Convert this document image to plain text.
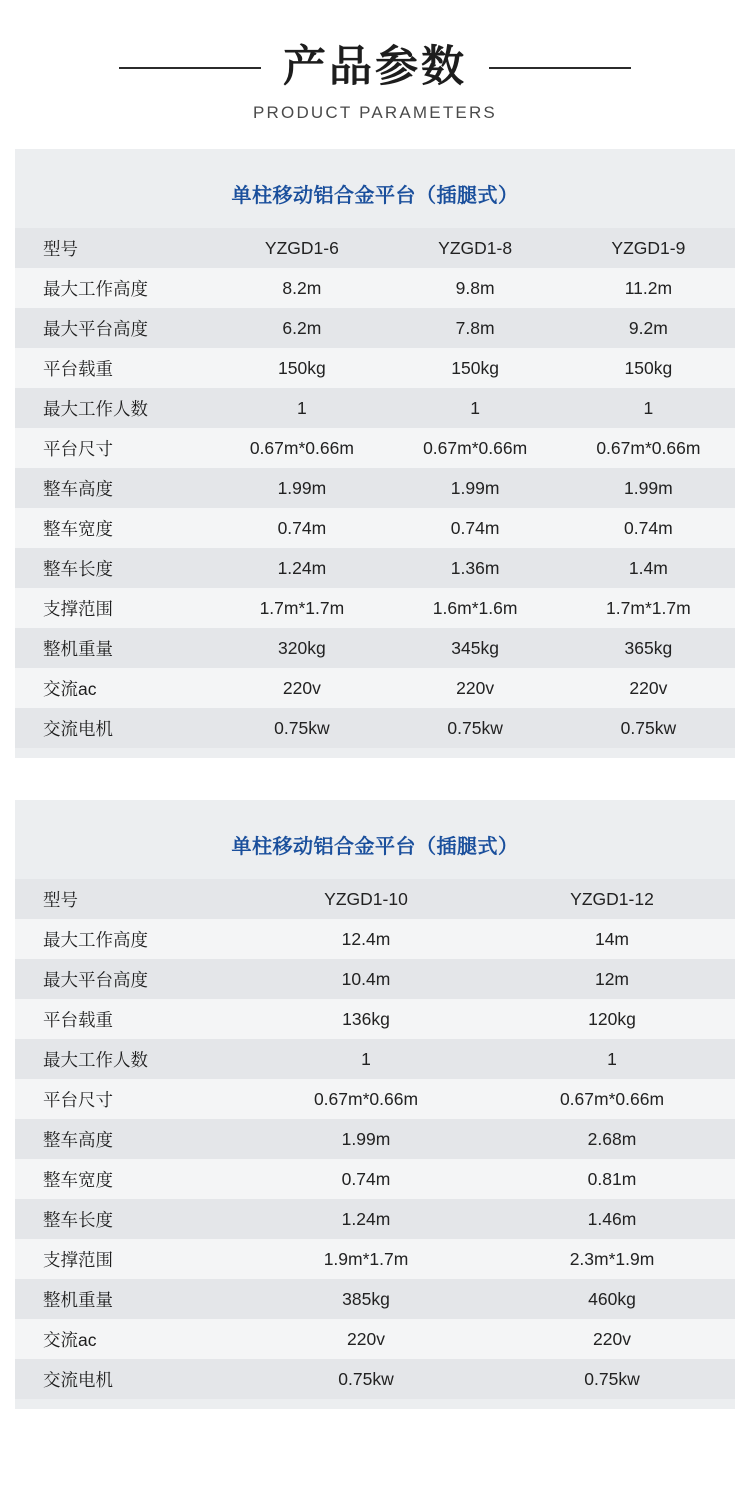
产品参数
PRODUCT PARAMETERS
单柱移动铝合金平台（插腿式）
型号	YZGD1-6	YZGD1-8	YZGD1-9
最大工作高度	8.2m	9.8m	11.2m
最大平台高度	6.2m	7.8m	9.2m
平台载重	150kg	150kg	150kg
最大工作人数	1	1	1
平台尺寸	0.67m*0.66m	0.67m*0.66m	0.67m*0.66m
整车高度	1.99m	1.99m	1.99m
整车宽度	0.74m	0.74m	0.74m
整车长度	1.24m	1.36m	1.4m
支撑范围	1.7m*1.7m	1.6m*1.6m	1.7m*1.7m
整机重量	320kg	345kg	365kg
交流ac	220v	220v	220v
交流电机	0.75kw	0.75kw	0.75kw
单柱移动铝合金平台（插腿式）
型号	YZGD1-10	YZGD1-12
最大工作高度	12.4m	14m
最大平台高度	10.4m	12m
平台载重	136kg	120kg
最大工作人数	1	1
平台尺寸	0.67m*0.66m	0.67m*0.66m
整车高度	1.99m	2.68m
整车宽度	0.74m	0.81m
整车长度	1.24m	1.46m
支撑范围	1.9m*1.7m	2.3m*1.9m
整机重量	385kg	460kg
交流ac	220v	220v
交流电机	0.75kw	0.75kw
